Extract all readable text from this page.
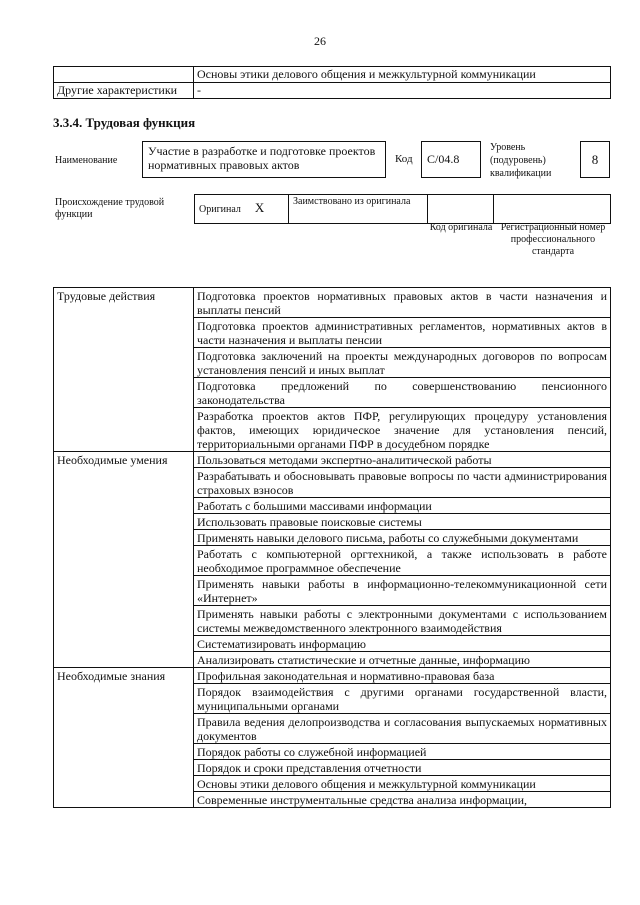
26
	Основы этики делового общения и межкультурной коммуникации
Другие характеристики	-
3.3.4. Трудовая функция
Наименование
Участие в разработке и подготовке проектов нормативных правовых актов	Код	С/04.8
Уровень (подуровень) квалификации
8
Происхождение трудовой функции	Оригинал X	Заимствовано из оригинала		
Код оригинала Регистрационный номер профессионального стандарта
Трудовые действия	Подготовка проектов нормативных правовых актов в части назначения и выплаты пенсий
	Подготовка проектов административных регламентов, нормативных актов в части назначения и выплаты пенсии
	Подготовка заключений на проекты международных договоров по вопросам установления пенсий и иных выплат
	Подготовка предложений по совершенствованию пенсионного законодательства
	Разработка проектов актов ПФР, регулирующих процедуру установления фактов, имеющих юридическое значение для установления пенсий, территориальными органами ПФР в досудебном порядке
Необходимые умения	Пользоваться методами экспертно-аналитической работы
	Разрабатывать и обосновывать правовые вопросы по части администрирования страховых взносов
	Работать с большими массивами информации
	Использовать правовые поисковые системы
	Применять навыки делового письма, работы со служебными документами
	Работать с компьютерной оргтехникой, а также использовать в работе необходимое программное обеспечение
	Применять навыки работы в информационно-телекоммуникационной сети «Интернет»
	Применять навыки работы с электронными документами с использованием системы межведомственного электронного взаимодействия
	Систематизировать информацию
	Анализировать статистические и отчетные данные, информацию
Необходимые знания	Профильная законодательная и нормативно-правовая база
	Порядок взаимодействия с другими органами государственной власти, муниципальными органами
	Правила ведения делопроизводства и согласования выпускаемых нормативных документов
	Порядок работы со служебной информацией
	Порядок и сроки представления отчетности
	Основы этики делового общения и межкультурной коммуникации
	Современные инструментальные средства анализа информации,
